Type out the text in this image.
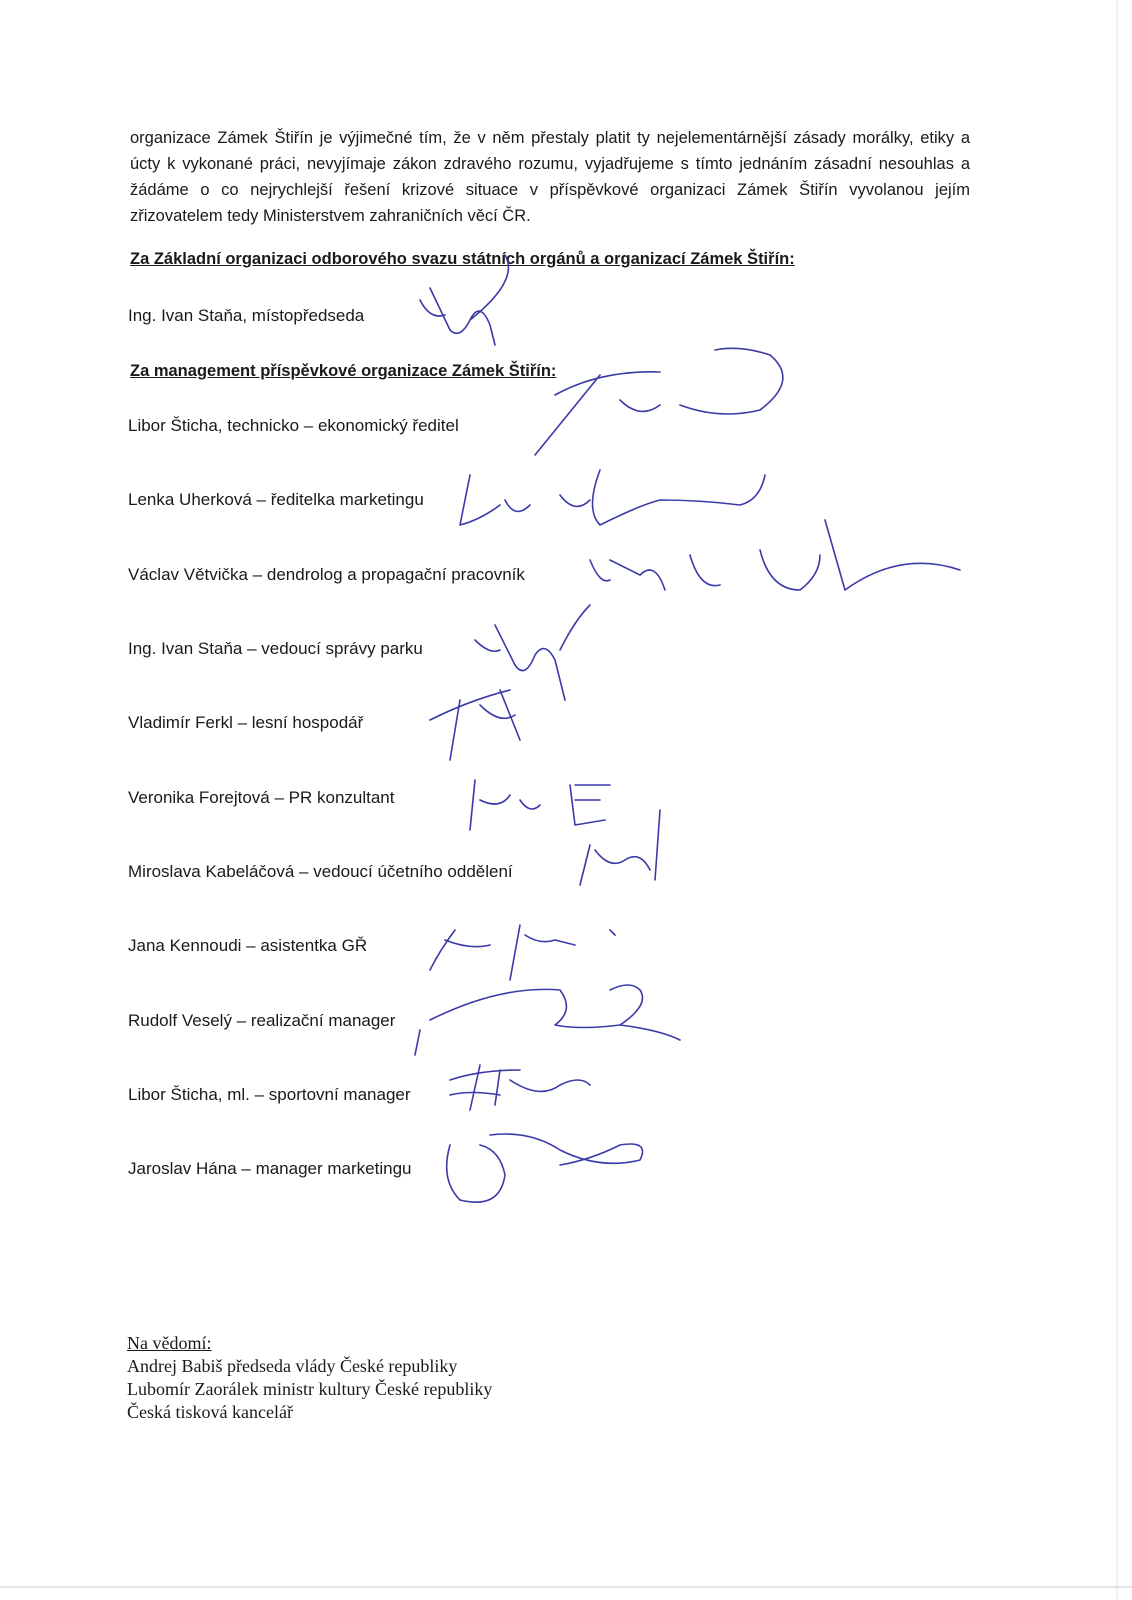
organizace Zámek Štiřín je výjimečné tím, že v něm přestaly platit ty nejelementárnější zásady morálky, etiky a úcty k vykonané práci, nevyjímaje zákon zdravého rozumu, vyjadřujeme s tímto jednáním zásadní nesouhlas a žádáme o co nejrychlejší řešení krizové situace v příspěvkové organizaci Zámek Štiřín vyvolanou jejím zřizovatelem tedy Ministerstvem zahraničních věcí ČR.

Za Základní organizaci odborového svazu státních orgánů a organizací Zámek Štiřín:
Ing. Ivan Staňa, místopředseda
Za management příspěvkové organizace Zámek Štiřín:
Libor Šticha, technicko – ekonomický ředitel
Lenka Uherková – ředitelka marketingu
Václav Větvička – dendrolog a propagační pracovník
Ing. Ivan Staňa – vedoucí správy parku
Vladimír Ferkl – lesní hospodář
Veronika Forejtová – PR konzultant
Miroslava Kabeláčová – vedoucí účetního oddělení
Jana Kennoudi – asistentka GŘ
Rudolf Veselý – realizační manager
Libor Šticha, ml. – sportovní manager
Jaroslav Hána – manager marketingu
Na vědomí:
Andrej Babiš předseda vlády České republiky
Lubomír Zaorálek ministr kultury České republiky
Česká tisková kancelář
